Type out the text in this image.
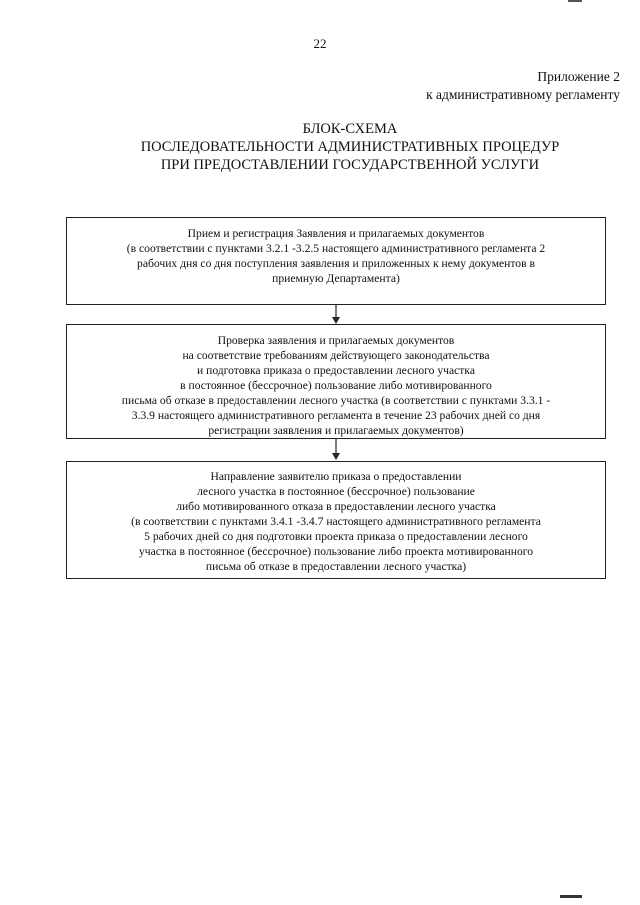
22
Приложение 2
к административному регламенту
БЛОК-СХЕМА
ПОСЛЕДОВАТЕЛЬНОСТИ АДМИНИСТРАТИВНЫХ ПРОЦЕДУР
ПРИ ПРЕДОСТАВЛЕНИИ ГОСУДАРСТВЕННОЙ УСЛУГИ

Прием и регистрация Заявления и прилагаемых документов

(в соответствии с пунктами 3.2.1 -3.2.5 настоящего административного регламента 2

рабочих дня со дня поступления заявления и приложенных к нему документов в

приемную Департамента)

Проверка заявления и прилагаемых документов

на соответствие требованиям действующего законодательства

и подготовка приказа о предоставлении лесного участка

в постоянное (бессрочное) пользование либо мотивированного

письма об отказе в предоставлении лесного участка (в соответствии с пунктами 3.3.1 -

3.3.9 настоящего административного регламента в течение 23 рабочих дней со дня

регистрации заявления и прилагаемых документов)

Направление заявителю приказа о предоставлении

лесного участка в постоянное (бессрочное) пользование

либо мотивированного отказа в предоставлении лесного участка

(в соответствии с пунктами 3.4.1 -3.4.7 настоящего административного регламента

5 рабочих дней со дня подготовки проекта приказа о предоставлении лесного

участка в постоянное (бессрочное) пользование либо проекта мотивированного

письма об отказе в предоставлении лесного участка)
